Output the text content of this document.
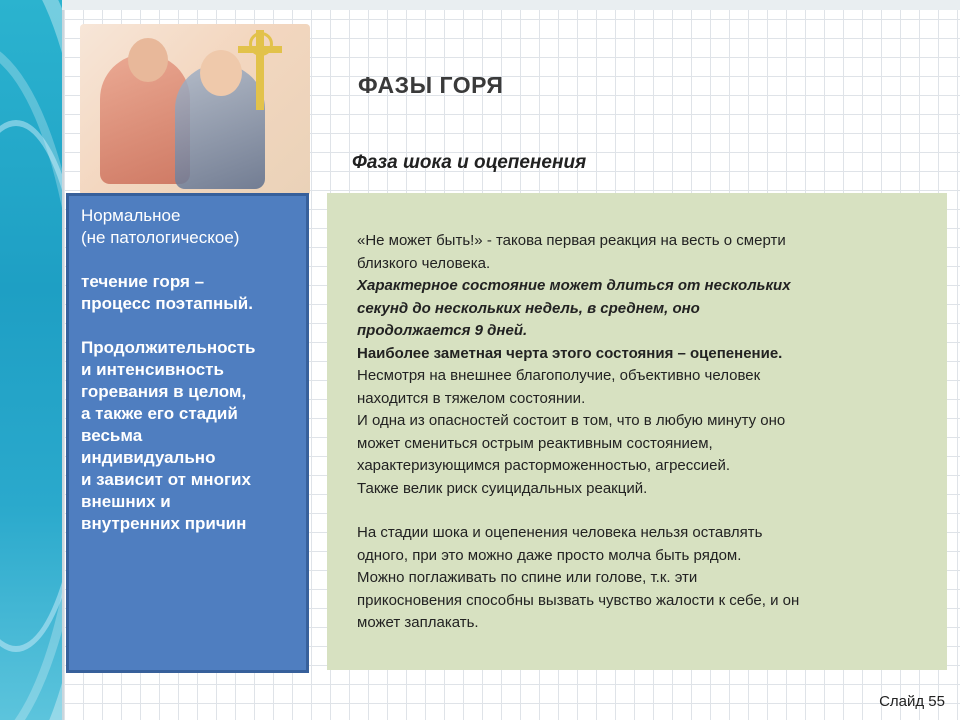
ФАЗЫ ГОРЯ
Фаза шока и оцепенения
Нормальное
(не патологическое)
течение горя –
процесс поэтапный.
Продолжительность
и интенсивность
горевания в целом,
а также его стадий
весьма
индивидуально
и зависит от многих
внешних и
внутренних причин

«Не может быть!» - такова первая реакция на весть о смерти

близкого человека.

Характерное состояние может длиться от нескольких

секунд до нескольких недель, в среднем, оно

продолжается 9 дней.

Наиболее заметная черта этого состояния – оцепенение.

Несмотря на внешнее благополучие, объективно человек

находится в тяжелом состоянии.

И одна из опасностей состоит в том, что в любую минуту оно

может смениться острым реактивным состоянием,

характеризующимся расторможенностью, агрессией.

Также велик риск суицидальных реакций.

На стадии шока и оцепенения человека нельзя оставлять

одного, при это можно даже просто молча быть рядом.

Можно поглаживать по спине или голове, т.к. эти

прикосновения способны вызвать чувство жалости к себе, и он

может заплакать.

Слайд 55
